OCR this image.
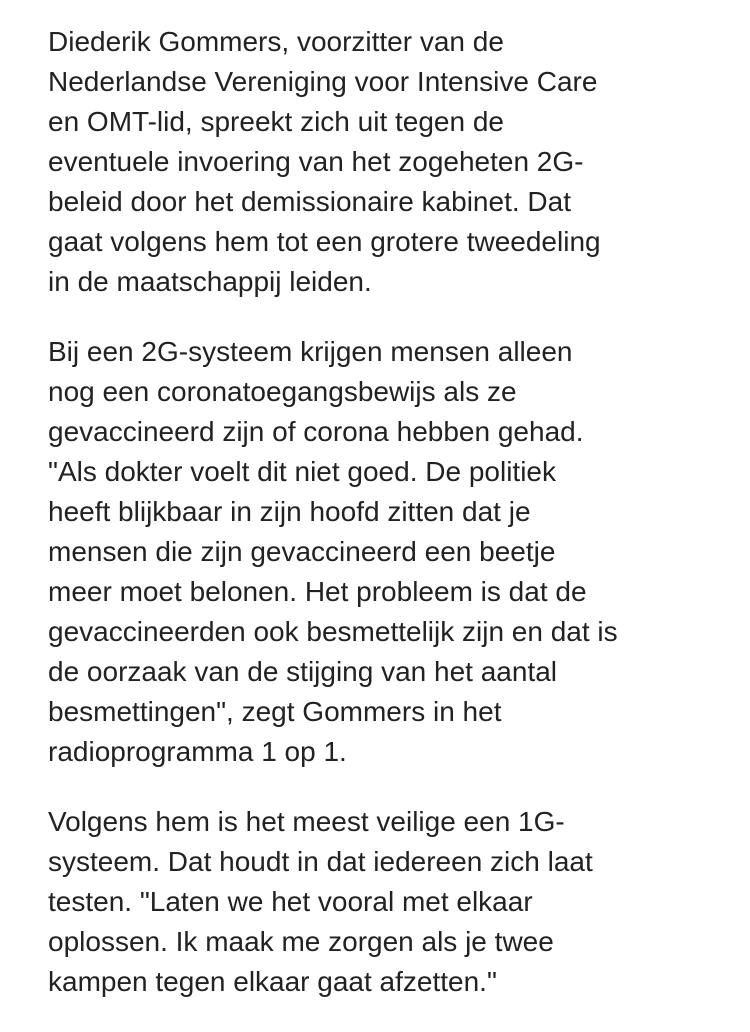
Diederik Gommers, voorzitter van de
Nederlandse Vereniging voor Intensive Care
en OMT-lid, spreekt zich uit tegen de
eventuele invoering van het zogeheten 2G-
beleid door het demissionaire kabinet. Dat
gaat volgens hem tot een grotere tweedeling
in de maatschappij leiden.

Bij een 2G-systeem krijgen mensen alleen
nog een coronatoegangsbewijs als ze
gevaccineerd zijn of corona hebben gehad.
"Als dokter voelt dit niet goed. De politiek
heeft blijkbaar in zijn hoofd zitten dat je
mensen die zijn gevaccineerd een beetje
meer moet belonen. Het probleem is dat de
gevaccineerden ook besmettelijk zijn en dat is
de oorzaak van de stijging van het aantal
besmettingen", zegt Gommers in het
radioprogramma 1 op 1.

Volgens hem is het meest veilige een 1G-
systeem. Dat houdt in dat iedereen zich laat
testen. "Laten we het vooral met elkaar
oplossen. Ik maak me zorgen als je twee
kampen tegen elkaar gaat afzetten."
